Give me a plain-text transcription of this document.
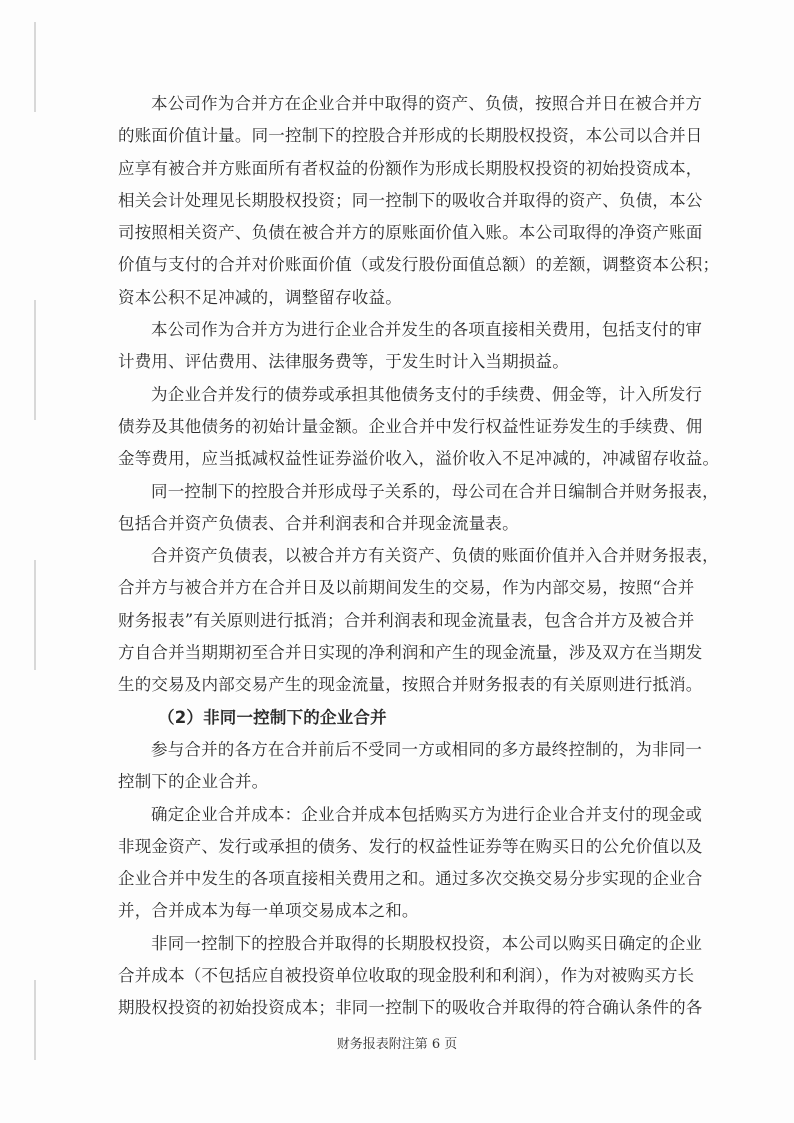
本公司作为合并方在企业合并中取得的资产、负债，按照合并日在被合并方
的账面价值计量。同一控制下的控股合并形成的长期股权投资，本公司以合并日
应享有被合并方账面所有者权益的份额作为形成长期股权投资的初始投资成本，
相关会计处理见长期股权投资；同一控制下的吸收合并取得的资产、负债，本公
司按照相关资产、负债在被合并方的原账面价值入账。本公司取得的净资产账面
价值与支付的合并对价账面价值（或发行股份面值总额）的差额，调整资本公积；
资本公积不足冲减的，调整留存收益。

本公司作为合并方为进行企业合并发生的各项直接相关费用，包括支付的审
计费用、评估费用、法律服务费等，于发生时计入当期损益。

为企业合并发行的债券或承担其他债务支付的手续费、佣金等，计入所发行
债券及其他债务的初始计量金额。企业合并中发行权益性证券发生的手续费、佣
金等费用，应当抵减权益性证券溢价收入，溢价收入不足冲减的，冲减留存收益。

同一控制下的控股合并形成母子关系的，母公司在合并日编制合并财务报表，
包括合并资产负债表、合并利润表和合并现金流量表。

合并资产负债表，以被合并方有关资产、负债的账面价值并入合并财务报表，
合并方与被合并方在合并日及以前期间发生的交易，作为内部交易，按照“合并
财务报表”有关原则进行抵消；合并利润表和现金流量表，包含合并方及被合并
方自合并当期期初至合并日实现的净利润和产生的现金流量，涉及双方在当期发
生的交易及内部交易产生的现金流量，按照合并财务报表的有关原则进行抵消。

（2）非同一控制下的企业合并

参与合并的各方在合并前后不受同一方或相同的多方最终控制的，为非同一
控制下的企业合并。

确定企业合并成本：企业合并成本包括购买方为进行企业合并支付的现金或
非现金资产、发行或承担的债务、发行的权益性证券等在购买日的公允价值以及
企业合并中发生的各项直接相关费用之和。通过多次交换交易分步实现的企业合
并，合并成本为每一单项交易成本之和。

非同一控制下的控股合并取得的长期股权投资，本公司以购买日确定的企业
合并成本（不包括应自被投资单位收取的现金股利和利润），作为对被购买方长
期股权投资的初始投资成本；非同一控制下的吸收合并取得的符合确认条件的各

财务报表附注第 6 页
